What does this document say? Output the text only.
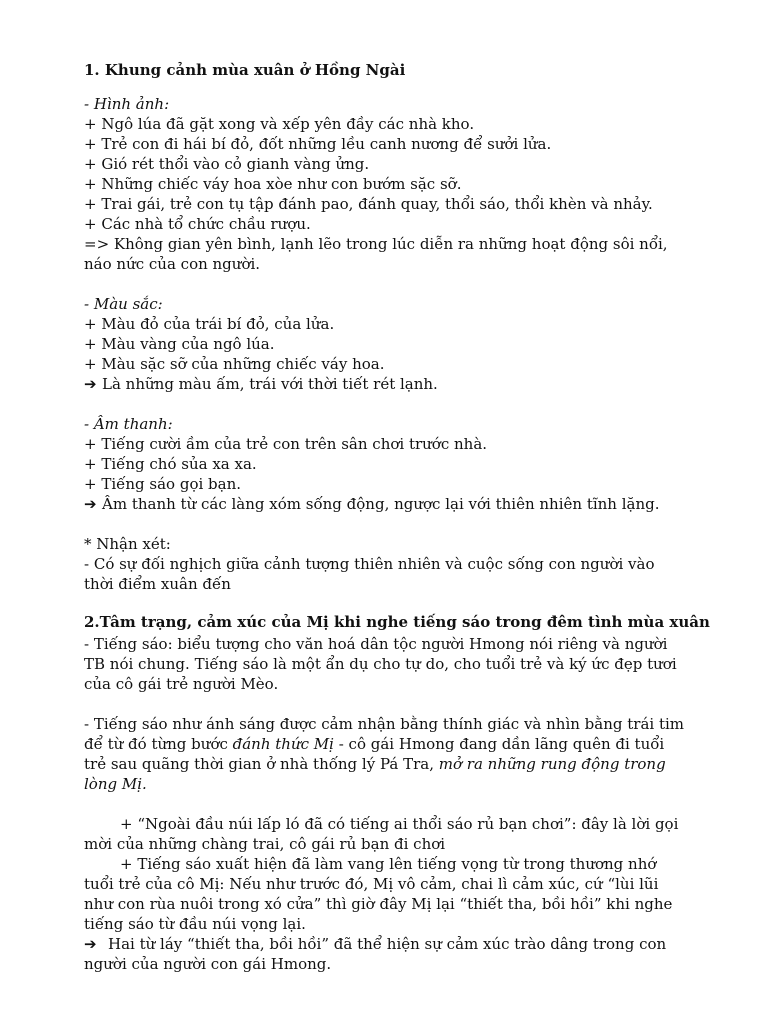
1. Khung cảnh mùa xuân ở Hồng Ngài
- Hình ảnh:
+ Ngô lúa đã gặt xong và xếp yên đầy các nhà kho.
+ Trẻ con đi hái bí đỏ, đốt những lều canh nương để sưởi lửa.
+ Gió rét thổi vào cỏ gianh vàng ửng.
+ Những chiếc váy hoa xòe như con bướm sặc sỡ.
+ Trai gái, trẻ con tụ tập đánh pao, đánh quay, thổi sáo, thổi khèn và nhảy.
+ Các nhà tổ chức chầu rượu.
=> Không gian yên bình, lạnh lẽo trong lúc diễn ra những hoạt động sôi nổi,
náo nức của con người.
- Màu sắc:
+ Màu đỏ của trái bí đỏ, của lửa.
+ Màu vàng của ngô lúa.
+ Màu sặc sỡ của những chiếc váy hoa.
➔ Là những màu ấm, trái với thời tiết rét lạnh.
- Âm thanh:
+ Tiếng cười ầm của trẻ con trên sân chơi trước nhà.
+ Tiếng chó sủa xa xa.
+ Tiếng sáo gọi bạn.
➔ Âm thanh từ các làng xóm sống động, ngược lại với thiên nhiên tĩnh lặng.
* Nhận xét:
- Có sự đối nghịch giữa cảnh tượng thiên nhiên và cuộc sống con người vào
thời điểm xuân đến
2.Tâm trạng, cảm xúc của Mị khi nghe tiếng sáo trong đêm tình mùa xuân
- Tiếng sáo: biểu tượng cho văn hoá dân tộc người Hmong nói riêng và người
TB nói chung. Tiếng sáo là một ẩn dụ cho tự do, cho tuổi trẻ và ký ức đẹp tươi
của cô gái trẻ người Mèo.
- Tiếng sáo như ánh sáng được cảm nhận bằng thính giác và nhìn bằng trái tim
để từ đó từng bước đánh thức Mị - cô gái Hmong đang dần lãng quên đi tuổi
trẻ sau quãng thời gian ở nhà thống lý Pá Tra, mở ra những rung động trong
lòng Mị.
+ “Ngoài đầu núi lấp ló đã có tiếng ai thổi sáo rủ bạn chơi”: đây là lời gọi
mời của những chàng trai, cô gái rủ bạn đi chơi
+ Tiếng sáo xuất hiện đã làm vang lên tiếng vọng từ trong thương nhớ
tuổi trẻ của cô Mị: Nếu như trước đó, Mị vô cảm, chai lì cảm xúc, cứ “lùi lũi
như con rùa nuôi trong xó cửa” thì giờ đây Mị lại “thiết tha, bồi hồi” khi nghe
tiếng sáo từ đầu núi vọng lại.
➔ Hai từ láy “thiết tha, bồi hồi” đã thể hiện sự cảm xúc trào dâng trong con
người của người con gái Hmong.
